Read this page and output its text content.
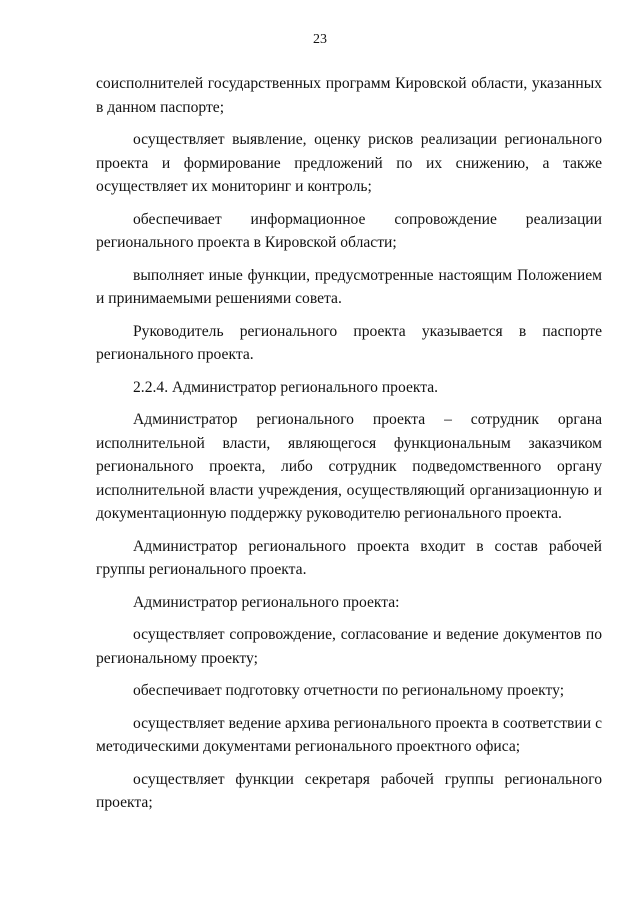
23

соисполнителей государственных программ Кировской области, указанных в данном паспорте;

осуществляет выявление, оценку рисков реализации регионального проекта и формирование предложений по их снижению, а также осуществляет их мониторинг и контроль;

обеспечивает информационное сопровождение реализации регионального проекта в Кировской области;

выполняет иные функции, предусмотренные настоящим Положением и принимаемыми решениями совета.

Руководитель регионального проекта указывается в паспорте регионального проекта.

2.2.4. Администратор регионального проекта.

Администратор регионального проекта – сотрудник органа исполнительной власти, являющегося функциональным заказчиком регионального проекта, либо сотрудник подведомственного органу исполнительной власти учреждения, осуществляющий организационную и документационную поддержку руководителю регионального проекта.

Администратор регионального проекта входит в состав рабочей группы регионального проекта.

Администратор регионального проекта:

осуществляет сопровождение, согласование и ведение документов по региональному проекту;

обеспечивает подготовку отчетности по региональному проекту;

осуществляет ведение архива регионального проекта в соответствии с методическими документами регионального проектного офиса;

осуществляет функции секретаря рабочей группы регионального проекта;
